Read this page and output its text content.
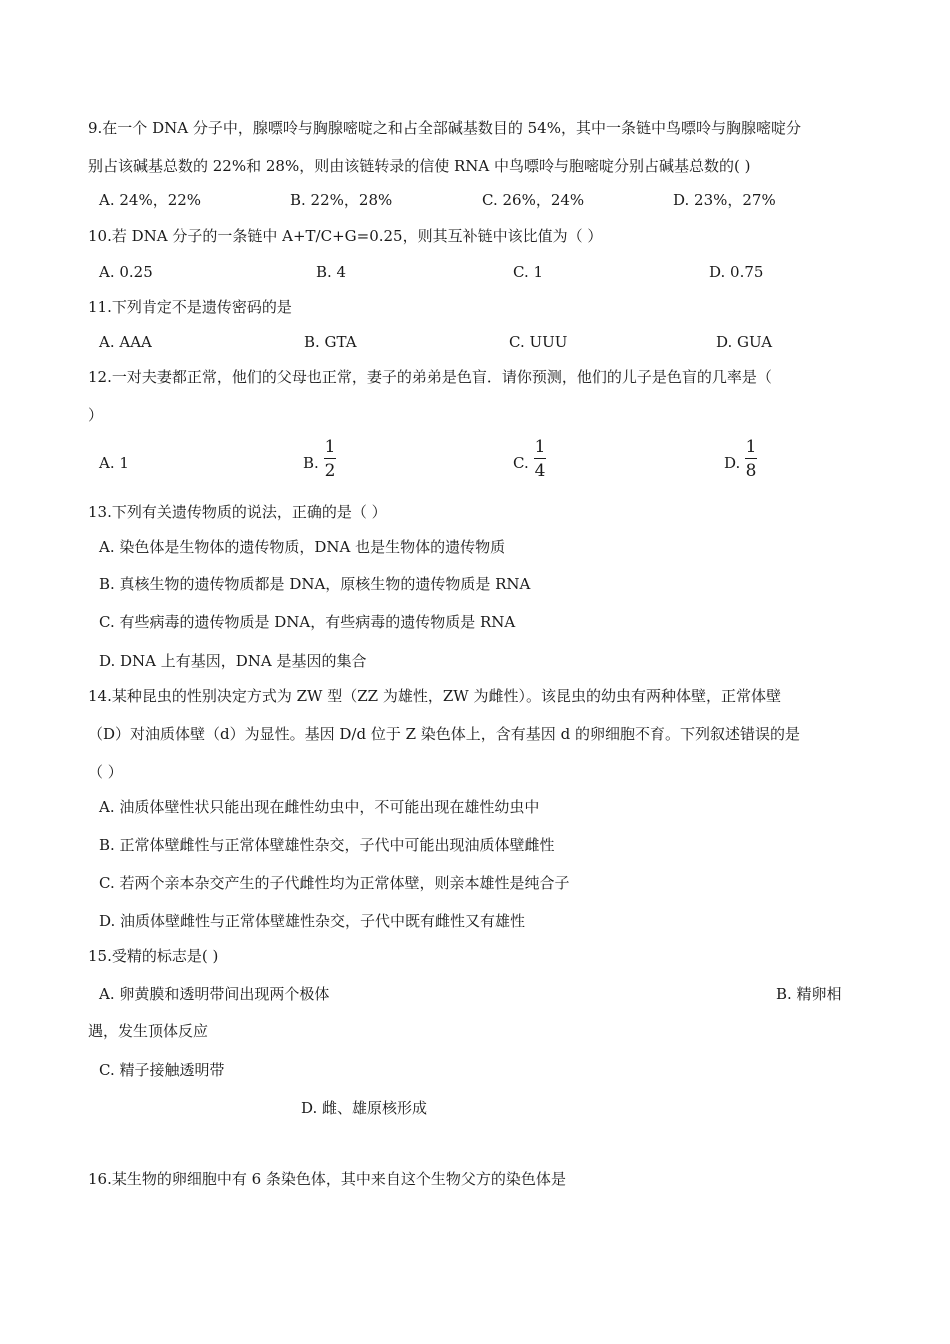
9.在一个 DNA 分子中，腺嘌呤与胸腺嘧啶之和占全部碱基数目的 54%，其中一条链中鸟嘌呤与胸腺嘧啶分
别占该碱基总数的 22%和 28%，则由该链转录的信使 RNA 中鸟嘌呤与胞嘧啶分别占碱基总数的( )
A. 24%，22%	B. 22%，28%	C. 26%，24%	D. 23%，27%
10.若 DNA 分子的一条链中 A+T/C+G=0.25，则其互补链中该比值为（ ）
A. 0.25	B. 4	C. 1	D. 0.75
11.下列肯定不是遗传密码的是
A. AAA	B. GTA	C. UUU	D. GUA
12.一对夫妻都正常，他们的父母也正常，妻子的弟弟是色盲．请你预测，他们的儿子是色盲的几率是（
）
A. 1	B.
1
2	C.
1
4	D.
1
8
13.下列有关遗传物质的说法，正确的是（ ）
A. 染色体是生物体的遗传物质，DNA 也是生物体的遗传物质
B. 真核生物的遗传物质都是 DNA，原核生物的遗传物质是 RNA
C. 有些病毒的遗传物质是 DNA，有些病毒的遗传物质是 RNA
D. DNA 上有基因，DNA 是基因的集合
14.某种昆虫的性别决定方式为 ZW 型（ZZ 为雄性，ZW 为雌性）。该昆虫的幼虫有两种体壁，正常体壁
（D）对油质体壁（d）为显性。基因 D/d 位于 Z 染色体上，含有基因 d 的卵细胞不育。下列叙述错误的是
（ ）
A. 油质体壁性状只能出现在雌性幼虫中，不可能出现在雄性幼虫中
B. 正常体壁雌性与正常体壁雄性杂交，子代中可能出现油质体壁雌性
C. 若两个亲本杂交产生的子代雌性均为正常体壁，则亲本雄性是纯合子
D. 油质体壁雌性与正常体壁雄性杂交，子代中既有雌性又有雄性
15.受精的标志是( )
A. 卵黄膜和透明带间出现两个极体	B. 精卵相
遇，发生顶体反应
C. 精子接触透明带
D. 雌、雄原核形成
16.某生物的卵细胞中有 6 条染色体，其中来自这个生物父方的染色体是
